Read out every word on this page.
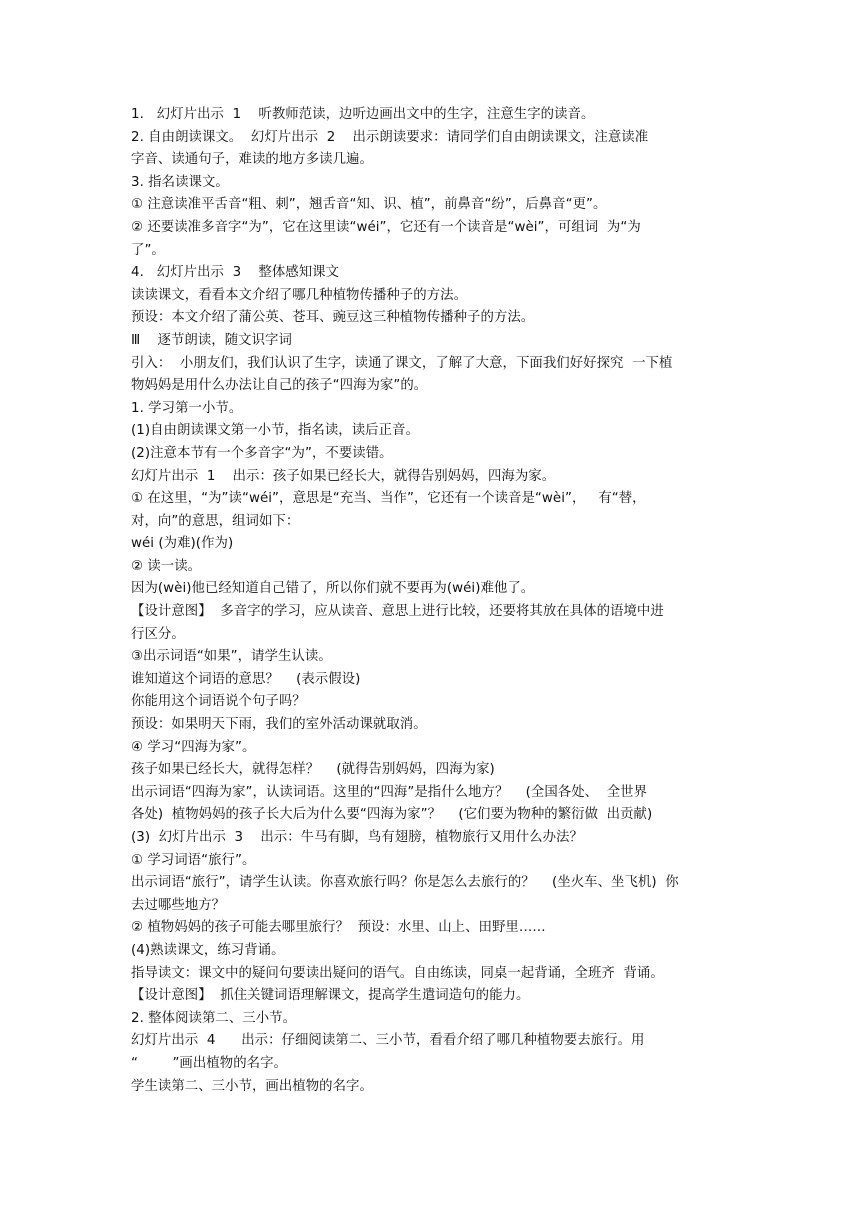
1.   幻灯片出示  1    听教师范读，边听边画出文中的生字，注意生字的读音。
2. 自由朗读课文。  幻灯片出示  2    出示朗读要求：请同学们自由朗读课文，注意读准
字音、读通句子，难读的地方多读几遍。
3. 指名读课文。
① 注意读准平舌音“粗、刺”，翘舌音“知、识、植”，前鼻音“纷”，后鼻音“更”。
② 还要读准多音字“为”，它在这里读“wéi”，它还有一个读音是“wèi”，可组词  为“为
了”。
4.   幻灯片出示  3    整体感知课文
读读课文，看看本文介绍了哪几种植物传播种子的方法。
预设：本文介绍了蒲公英、苍耳、豌豆这三种植物传播种子的方法。
Ⅲ    逐节朗读，随文识字词
引入：  小朋友们，我们认识了生字，读通了课文，了解了大意，下面我们好好探究  一下植
物妈妈是用什么办法让自己的孩子“四海为家”的。
1. 学习第一小节。
(1)自由朗读课文第一小节，指名读，读后正音。
(2)注意本节有一个多音字“为”，不要读错。
幻灯片出示  1    出示：孩子如果已经长大，就得告别妈妈，四海为家。
① 在这里，“为”读“wéi”，意思是“充当、当作”，它还有一个读音是“wèi”，   有“替，
对，向”的意思，组词如下：
wéi (为难)(作为)
② 读一读。
因为(wèi)他已经知道自己错了，所以你们就不要再为(wéi)难他了。
【设计意图】  多音字的学习，应从读音、意思上进行比较，还要将其放在具体的语境中进
行区分。
③出示词语“如果”，请学生认读。
谁知道这个词语的意思？    (表示假设)
你能用这个词语说个句子吗？
预设：如果明天下雨，我们的室外活动课就取消。
④ 学习“四海为家”。
孩子如果已经长大，就得怎样？    (就得告别妈妈，四海为家)
出示词语“四海为家”，认读词语。这里的“四海”是指什么地方？    (全国各处、  全世界
各处)  植物妈妈的孩子长大后为什么要“四海为家”？    (它们要为物种的繁衍做  出贡献)
(3)  幻灯片出示  3    出示：牛马有脚，鸟有翅膀，植物旅行又用什么办法？
① 学习词语“旅行”。
出示词语“旅行”，请学生认读。你喜欢旅行吗？你是怎么去旅行的？    (坐火车、坐飞机)  你
去过哪些地方？
② 植物妈妈的孩子可能去哪里旅行？  预设：水里、山上、田野里……
(4)熟读课文，练习背诵。
指导读文：课文中的疑问句要读出疑问的语气。自由练读，同桌一起背诵，全班齐  背诵。
【设计意图】  抓住关键词语理解课文，提高学生遣词造句的能力。
2. 整体阅读第二、三小节。
幻灯片出示  4      出示：仔细阅读第二、三小节，看看介绍了哪几种植物要去旅行。用
“        ”画出植物的名字。
学生读第二、三小节，画出植物的名字。
